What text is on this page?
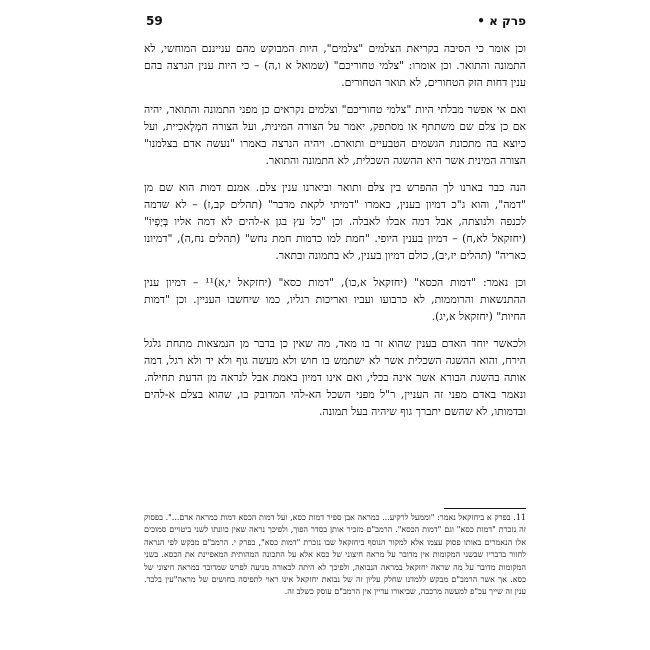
59	פרק א •

וכן אומר כי הסיבה בקריאת הצלמים "צלמים", היות המבוקש מהם ענייננם המוחשי, לא התמונה והתואר. וכן אומרו: "צלמי טחוריכם" (שמואל א ו,ה) – כי היות ענין הנרצה בהם ענין דחות הזק הטחורים, לא תואר הטחורים.

ואם אי אפשר מבלתי היות "צלמי טחוריכם" וצלמים נקראים כן מפני התמונה והתואר, יהיה אם כן צלם שם משתתף או מסתפק, יאמר על הצורה המינית, ועל הצורה המְלָאכִיית, ועל כיוצא בה מתכונת הגשמים הטבעיים ותוארם. ויהיה הנרצה באמרו "נעשה אדם בצלמנו" הצורה המינית אשר היא ההשגה השכלית, לא התמונה והתואר.

הנה כבר בארנו לך ההפרש בין צלם ותואר וביארנו ענין צלם. אמנם דמות הוא שם מן "דמה", והוא ג"כ דמיון בענין, כאמרו "דמיתי לקאת מדבר" (תהלים קב,ז) – לא שדמה לכנפה ולנוצתה, אבל דמה אבלו לאבלה. וכן "כל עץ בגן א-להים לא דמה אליו בְּיָפְיוֹ" (יחזקאל לא,ח) – דמיון בענין היופי. "חמת למו כדמות חמת נחש" (תהלים נח,ה), "דמיונו כאריה" (תהלים יז,יב), כולם דמיון בענין, לא בתמונה ובתאר.

וכן נאמר: "דמות הכסא" (יחזקאל א,כו), "דמות כסא" (יחזקאל י,א)¹¹ – דמיון ענין ההתנשאות והרוממות, לא כרבועו ועביו ואריכות רגליו, כמו שיחשבו העניין. וכן "דמות החיות" (יחזקאל א,יג).

ולכאשר יוחד האדם בענין שהוא זר בו מאד, מה שאין כן בדבר מן הנמצאות מתחת גלגל הירח, והוא ההשגה השכלית אשר לא ישתמש בו חוש ולא מעשה גוף ולא יד ולא רגל, דמה אותה בהשגת הבורא אשר אינה בכלי, ואם אינו דמיון באמת אבל לנראה מן הדעת תחילה. ונאמר באדם מפני זה העניין, ר"ל מפני השכל הא-להי המדובק בו, שהוא בצלם א-להים ובדמותו, לא שהשם יתברך גוף שיהיה בעל תמונה.

11. בפרק א ביחזקאל נאמר: "וממעל לרקיע... כמראה אבן ספיר דמות כסא, ועל דמות הכסא דמות כמראה אדם...". בפסוק זה נזכרת "דמות כסא" וגם "דמות הכסא". הרמב"ם מזכיר אותן בסדר הפוך, ולפיכך נראה שאין כוונתו לשני ביטויים סמוכים אלו הנאמרים באותו פסוק עצמו אלא למקור הנוסף ביחזקאל שבו נזכרת "דמות כסא", בפרק י. הרמב"ם מבקש לפי הנראה לחזור בדבריו שבשני המקומות אין מדובר על מראה חיצוני של כסא אלא על התכונה המהותית המאפיינת את הכסא. בשני המקומות מדובר על מה שראה יחזקאל במראה הנבואה, ולפיכך לא היתה לכאורה מניעה לפרש שמדובר במראה חיצוני של כסא. אך אשר הרמב"ם מבקש ללמדנו שחלק עליון זה של נבואת יחזקאל אינו ראוי לתפיסה בחושים של מראה"עין בלבד. ענין זה שייך עכ"פ למעשה מרכבה, שביאורו עדיין אין הרמב"ם עוסק כשלב זה.
